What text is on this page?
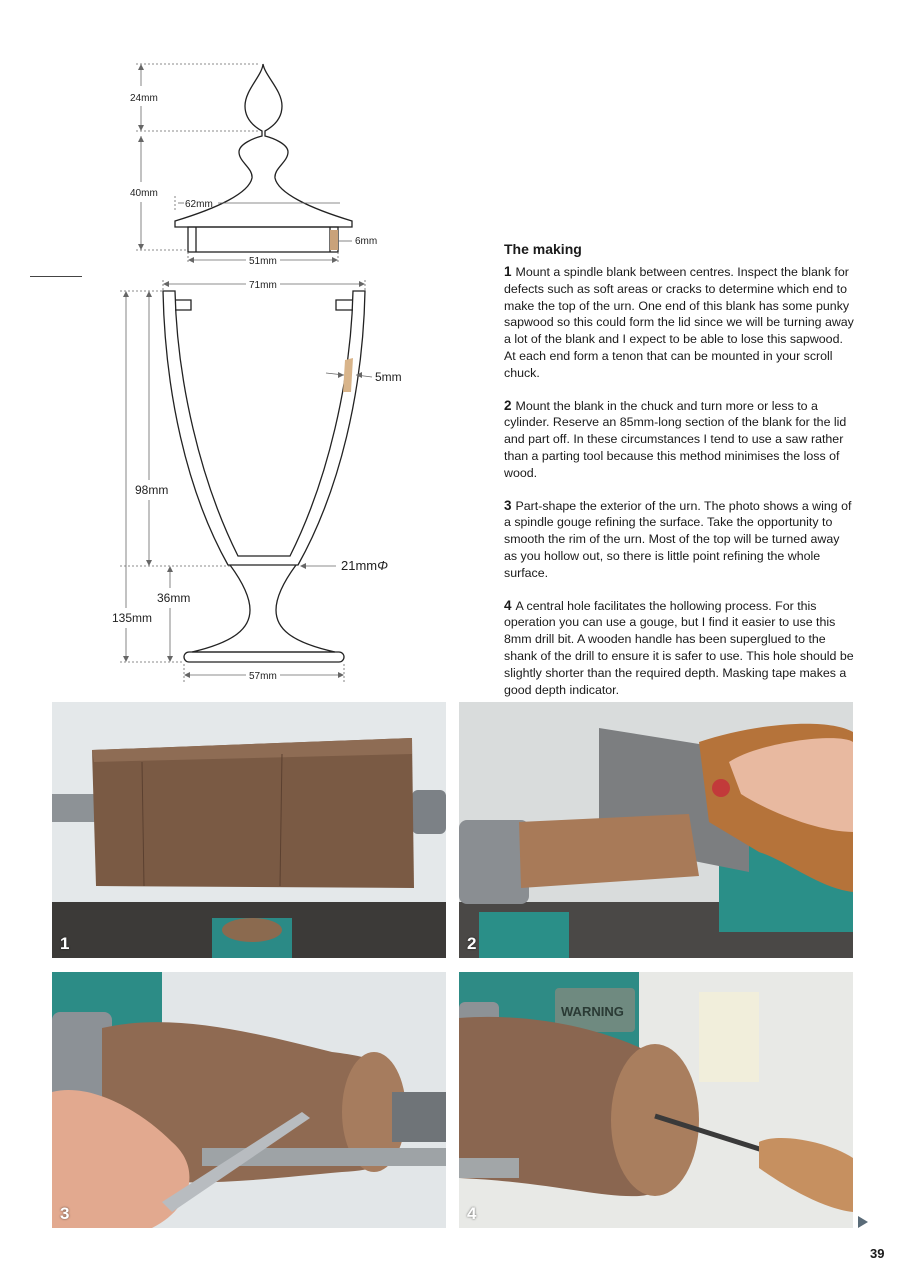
24mm
40mm
62mm
51mm
6mm
71mm
57mm
5mm
98mm
36mm
135mm
21mmΦ
The making

1 Mount a spindle blank between centres. Inspect the blank for defects such as soft areas or cracks to determine which end to make the top of the urn. One end of this blank has some punky sapwood so this could form the lid since we will be turning away a lot of the blank and I expect to be able to lose this sapwood. At each end form a tenon that can be mounted in your scroll chuck.

2 Mount the blank in the chuck and turn more or less to a cylinder. Reserve an 85mm-long section of the blank for the lid and part off. In these circumstances I tend to use a saw rather than a parting tool because this method minimises the loss of wood.

3 Part-shape the exterior of the urn. The photo shows a wing of a spindle gouge refining the surface. Take the opportunity to smooth the rim of the urn. Most of the top will be turned away as you hollow out, so there is little point refining the whole surface.

4 A central hole facilitates the hollowing process. For this operation you can use a gouge, but I find it easier to use this 8mm drill bit. A wooden handle has been superglued to the shank of the drill to ensure it is safer to use. This hole should be slightly shorter than the required depth. Masking tape makes a good depth indicator.

1	2
3
WARNING
4
39
